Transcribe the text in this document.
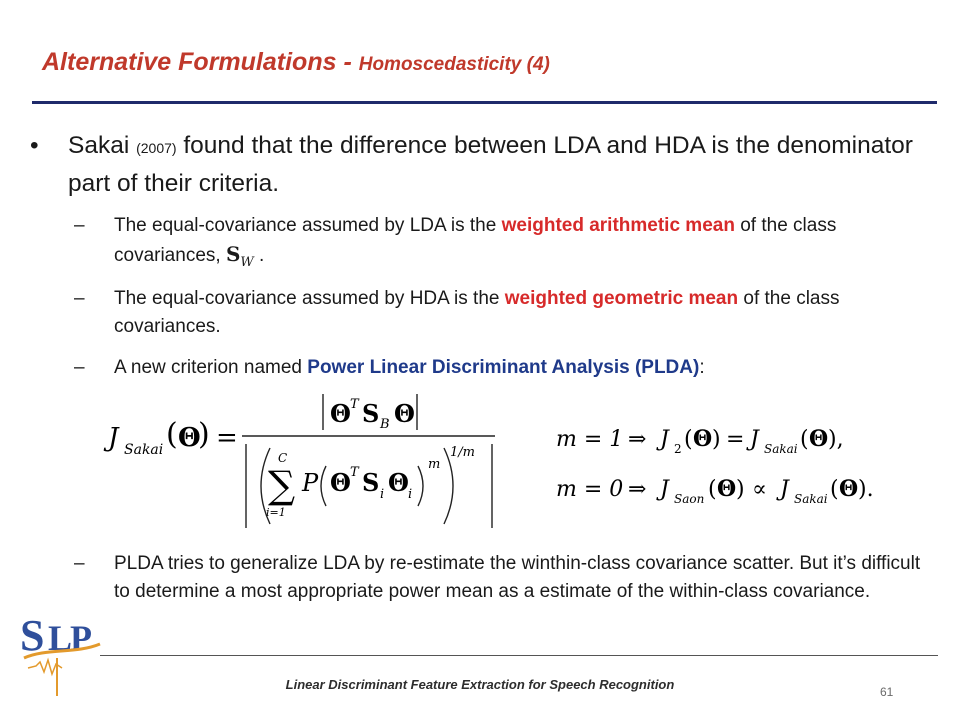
Alternative Formulations - Homoscedasticity (4)
• Sakai (2007) found that the difference between LDA and HDA is the denominator part of their criteria.
– The equal-covariance assumed by LDA is the weighted arithmetic mean of the class covariances, $S_W$ .
– The equal-covariance assumed by HDA is the weighted geometric mean of the class covariances.
– A new criterion named Power Linear Discriminant Analysis (PLDA):
J Sakai ( Θ
) =
Θ T S B Θ
C
∑
i=1
P Θ T S i Θ i
m
1/m
m = 1 ⇒ J 2 ( Θ ) = J Sakai ( Θ ),
m = 0 ⇒ J Saon ( Θ ) ∝ J Sakai ( Θ ).
– PLDA tries to generalize LDA by re-estimate the winthin-class covariance scatter. But it’s difficult to determine a most appropriate power mean as a estimate of the within-class covariance.
S L
P
Linear Discriminant Feature Extraction for Speech Recognition	61
